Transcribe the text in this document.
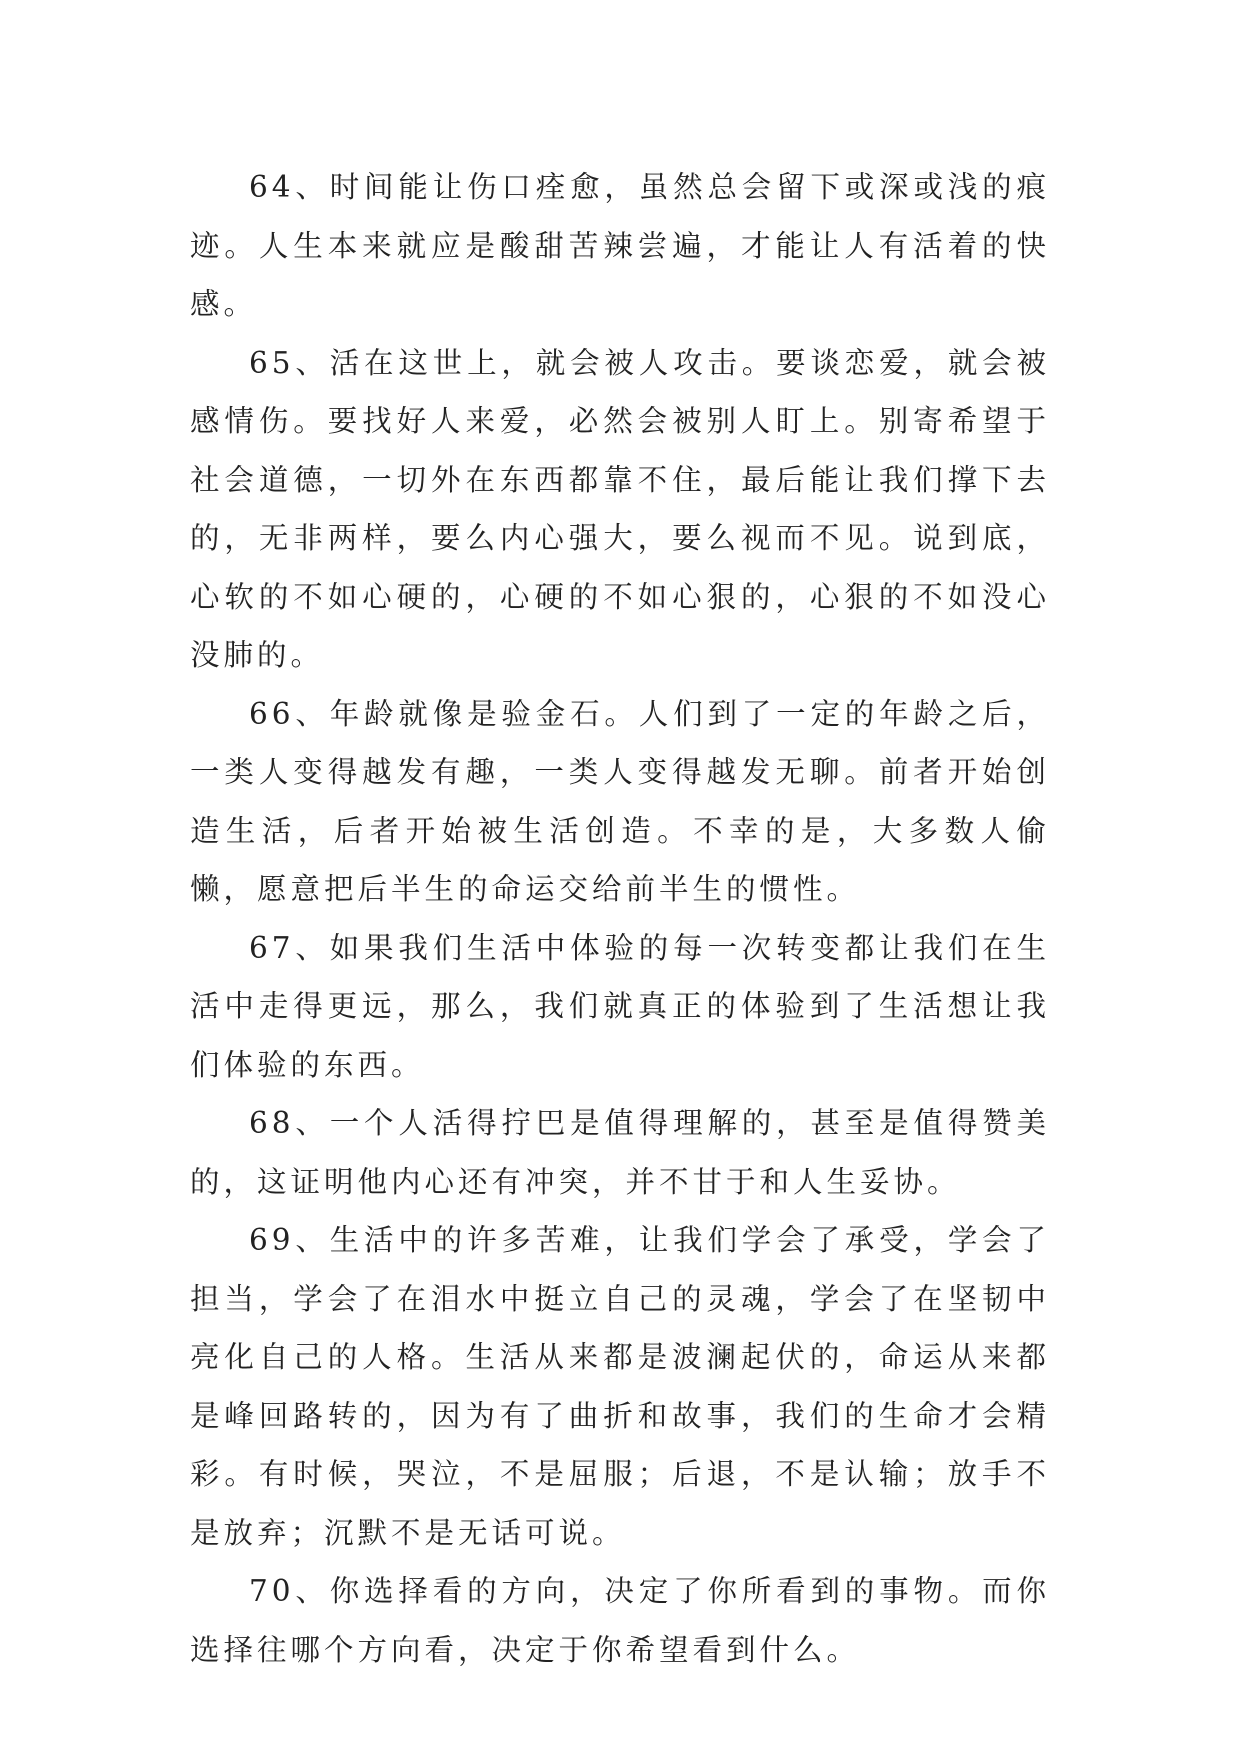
64、时间能让伤口痊愈，虽然总会留下或深或浅的痕迹。人生本来就应是酸甜苦辣尝遍，才能让人有活着的快感。

65、活在这世上，就会被人攻击。要谈恋爱，就会被感情伤。要找好人来爱，必然会被别人盯上。别寄希望于社会道德，一切外在东西都靠不住，最后能让我们撑下去的，无非两样，要么内心强大，要么视而不见。说到底，心软的不如心硬的，心硬的不如心狠的，心狠的不如没心没肺的。

66、年龄就像是验金石。人们到了一定的年龄之后，一类人变得越发有趣，一类人变得越发无聊。前者开始创造生活，后者开始被生活创造。不幸的是，大多数人偷懒，愿意把后半生的命运交给前半生的惯性。

67、如果我们生活中体验的每一次转变都让我们在生活中走得更远，那么，我们就真正的体验到了生活想让我们体验的东西。

68、一个人活得拧巴是值得理解的，甚至是值得赞美的，这证明他内心还有冲突，并不甘于和人生妥协。

69、生活中的许多苦难，让我们学会了承受，学会了担当，学会了在泪水中挺立自己的灵魂，学会了在坚韧中亮化自己的人格。生活从来都是波澜起伏的，命运从来都是峰回路转的，因为有了曲折和故事，我们的生命才会精彩。有时候，哭泣，不是屈服；后退，不是认输；放手不是放弃；沉默不是无话可说。

70、你选择看的方向，决定了你所看到的事物。而你选择往哪个方向看，决定于你希望看到什么。
